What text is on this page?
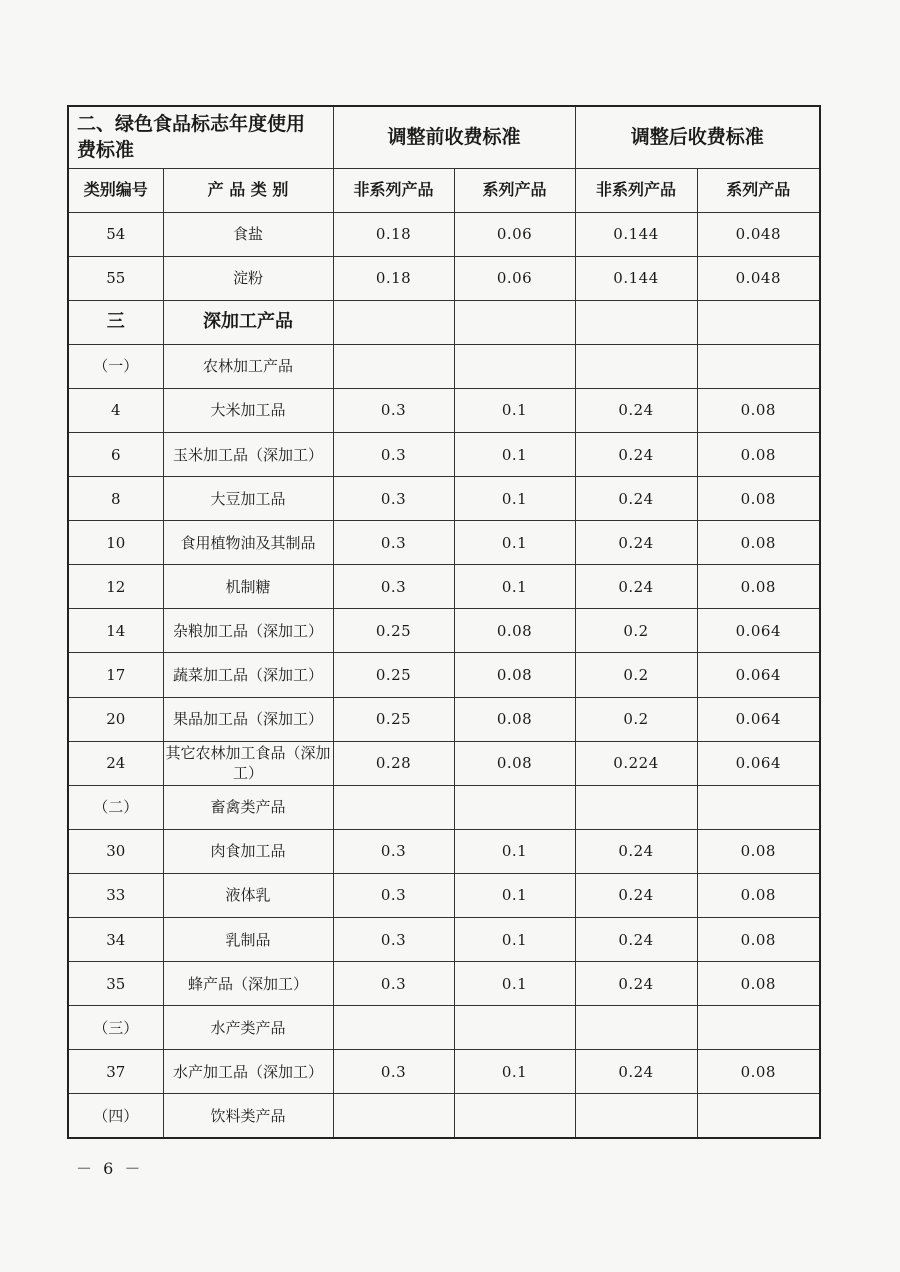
二、绿色食品标志年度使用
费标准		调整前收费标准		调整后收费标准	
类别编号	产 品 类 别	非系列产品	系列产品	非系列产品	系列产品
54	食盐	0.18	0.06	0.144	0.048
55	淀粉	0.18	0.06	0.144	0.048
三	深加工产品				
（一）	农林加工产品				
4	大米加工品	0.3	0.1	0.24	0.08
6	玉米加工品（深加工）	0.3	0.1	0.24	0.08
8	大豆加工品	0.3	0.1	0.24	0.08
10	食用植物油及其制品	0.3	0.1	0.24	0.08
12	机制糖	0.3	0.1	0.24	0.08
14	杂粮加工品（深加工）	0.25	0.08	0.2	0.064
17	蔬菜加工品（深加工）	0.25	0.08	0.2	0.064
20	果品加工品（深加工）	0.25	0.08	0.2	0.064
24	其它农林加工食品（深加工）	0.28	0.08	0.224	0.064
（二）	畜禽类产品				
30	肉食加工品	0.3	0.1	0.24	0.08
33	液体乳	0.3	0.1	0.24	0.08
34	乳制品	0.3	0.1	0.24	0.08
35	蜂产品（深加工）	0.3	0.1	0.24	0.08
（三）	水产类产品				
37	水产加工品（深加工）	0.3	0.1	0.24	0.08
（四）	饮料类产品				
－ 6 －
